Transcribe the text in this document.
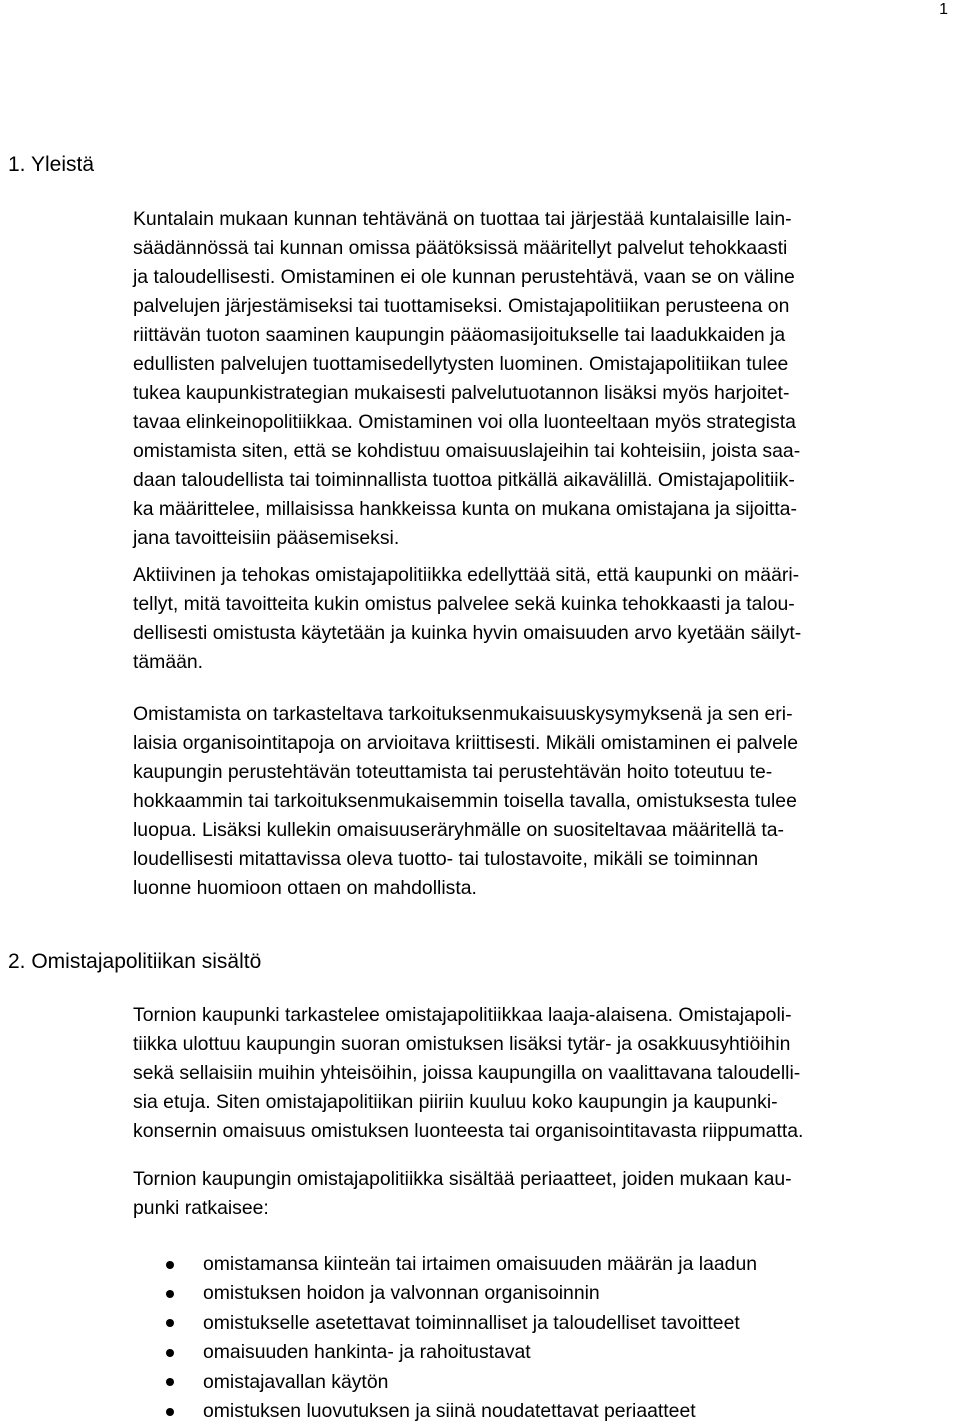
1
1. Yleistä

Kuntalain mukaan kunnan tehtävänä on tuottaa tai järjestää kuntalaisille lain-
säädännössä tai kunnan omissa päätöksissä määritellyt palvelut tehokkaasti
ja taloudellisesti. Omistaminen ei ole kunnan perustehtävä, vaan se on väline
palvelujen järjestämiseksi tai tuottamiseksi. Omistajapolitiikan perusteena on
riittävän tuoton saaminen kaupungin pääomasijoitukselle tai laadukkaiden ja
edullisten palvelujen tuottamisedellytysten luominen. Omistajapolitiikan tulee
tukea kaupunkistrategian mukaisesti palvelutuotannon lisäksi myös harjoitet-
tavaa elinkeinopolitiikkaa. Omistaminen voi olla luonteeltaan myös strategista
omistamista siten, että se kohdistuu omaisuuslajeihin tai kohteisiin, joista saa-
daan taloudellista tai toiminnallista tuottoa pitkällä aikavälillä. Omistajapolitiik-
ka määrittelee, millaisissa hankkeissa kunta on mukana omistajana ja sijoitta-
jana tavoitteisiin pääsemiseksi.

Aktiivinen ja tehokas omistajapolitiikka edellyttää sitä, että kaupunki on määri-
tellyt, mitä tavoitteita kukin omistus palvelee sekä kuinka tehokkaasti ja talou-
dellisesti omistusta käytetään ja kuinka hyvin omaisuuden arvo kyetään säilyt-
tämään.

Omistamista on tarkasteltava tarkoituksenmukaisuuskysymyksenä ja sen eri-
laisia organisointitapoja on arvioitava kriittisesti. Mikäli omistaminen ei palvele
kaupungin perustehtävän toteuttamista tai perustehtävän hoito toteutuu te-
hokkaammin tai tarkoituksenmukaisemmin toisella tavalla, omistuksesta tulee
luopua. Lisäksi kullekin omaisuuseräryhmälle on suositeltavaa määritellä ta-
loudellisesti mitattavissa oleva tuotto- tai tulostavoite, mikäli se toiminnan
luonne huomioon ottaen on mahdollista.

2. Omistajapolitiikan sisältö

Tornion kaupunki tarkastelee omistajapolitiikkaa laaja-alaisena. Omistajapoli-
tiikka ulottuu kaupungin suoran omistuksen lisäksi tytär- ja osakkuusyhtiöihin
sekä sellaisiin muihin yhteisöihin, joissa kaupungilla on vaalittavana taloudelli-
sia etuja. Siten omistajapolitiikan piiriin kuuluu koko kaupungin ja kaupunki-
konsernin omaisuus omistuksen luonteesta tai organisointitavasta riippumatta.

Tornion kaupungin omistajapolitiikka sisältää periaatteet, joiden mukaan kau-
punki ratkaisee:

omistamansa kiinteän tai irtaimen omaisuuden määrän ja laadun
omistuksen hoidon ja valvonnan organisoinnin
omistukselle asetettavat toiminnalliset ja taloudelliset tavoitteet
omaisuuden hankinta- ja rahoitustavat
omistajavallan käytön
omistuksen luovutuksen ja siinä noudatettavat periaatteet
